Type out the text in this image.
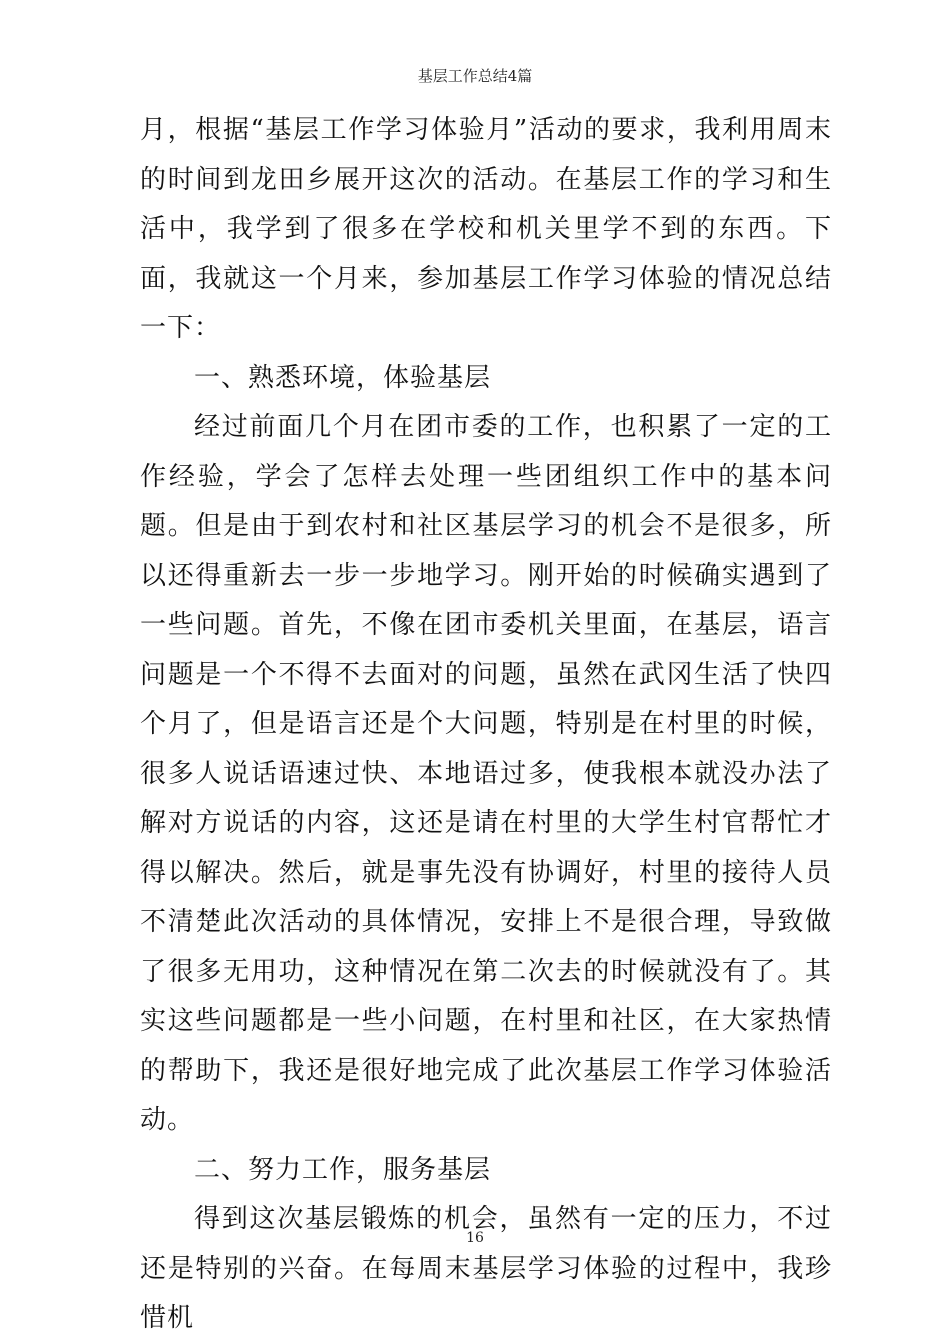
基层工作总结4篇

月，根据“基层工作学习体验月”活动的要求，我利用周末的时间到龙田乡展开这次的活动。在基层工作的学习和生活中，我学到了很多在学校和机关里学不到的东西。下面，我就这一个月来，参加基层工作学习体验的情况总结一下：

一、熟悉环境，体验基层

经过前面几个月在团市委的工作，也积累了一定的工作经验，学会了怎样去处理一些团组织工作中的基本问题。但是由于到农村和社区基层学习的机会不是很多，所以还得重新去一步一步地学习。刚开始的时候确实遇到了一些问题。首先，不像在团市委机关里面，在基层，语言问题是一个不得不去面对的问题，虽然在武冈生活了快四个月了，但是语言还是个大问题，特别是在村里的时候，很多人说话语速过快、本地语过多，使我根本就没办法了解对方说话的内容，这还是请在村里的大学生村官帮忙才得以解决。然后，就是事先没有协调好，村里的接待人员不清楚此次活动的具体情况，安排上不是很合理，导致做了很多无用功，这种情况在第二次去的时候就没有了。其实这些问题都是一些小问题，在村里和社区，在大家热情的帮助下，我还是很好地完成了此次基层工作学习体验活动。

二、努力工作，服务基层

得到这次基层锻炼的机会，虽然有一定的压力，不过还是特别的兴奋。在每周末基层学习体验的过程中，我珍惜机

16
